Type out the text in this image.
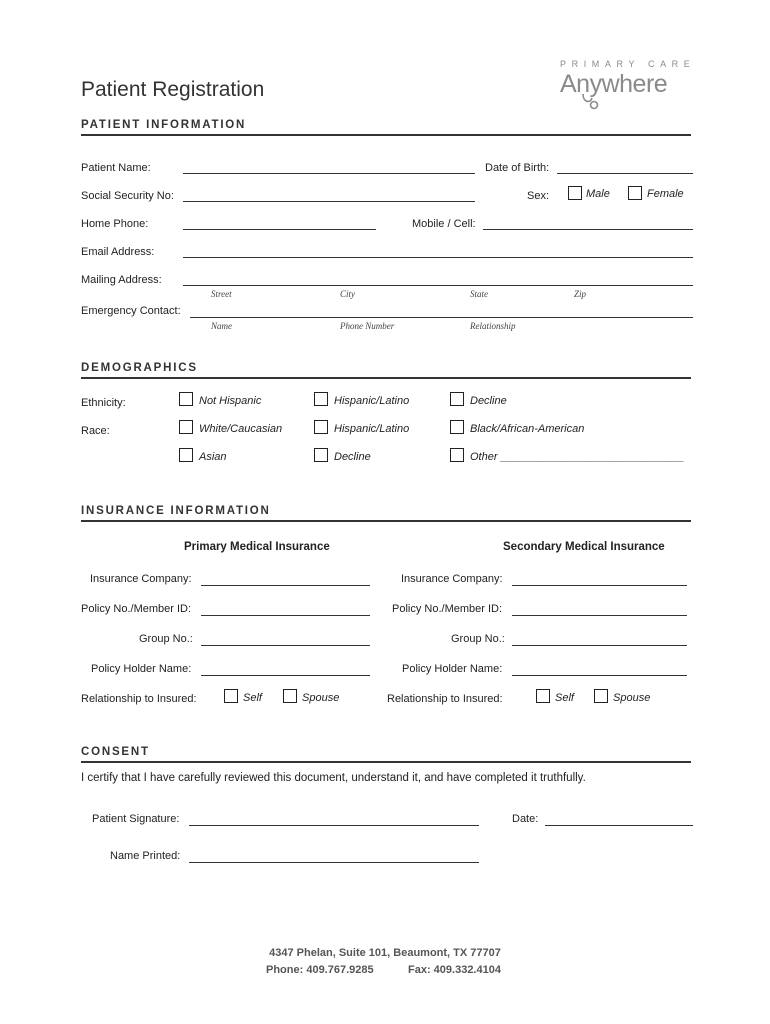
PRIMARY CARE
Anywhere
Patient Registration
PATIENT INFORMATION
Patient Name:	Date of Birth:
Social Security No:	Sex:	Male	Female
Home Phone:	Mobile / Cell:
Email Address:
Mailing Address:
Street	City	State	Zip
Emergency Contact:
Name	Phone Number	Relationship
DEMOGRAPHICS
Ethnicity:	Not Hispanic	Hispanic/Latino	Decline
Race:	White/Caucasian	Hispanic/Latino	Black/African-American
Asian	Decline	Other ______________________________
INSURANCE INFORMATION
Primary Medical Insurance	Secondary Medical Insurance
Insurance Company:
Policy No./Member ID:
Group No.:
Policy Holder Name:
Relationship to Insured:	Self	Spouse
Insurance Company:
Policy No./Member ID:
Group No.:
Policy Holder Name:
Relationship to Insured:	Self	Spouse
CONSENT
I certify that I have carefully reviewed this document, understand it, and have completed it truthfully.
Patient Signature:	Date:
Name Printed:
4347 Phelan, Suite 101, Beaumont, TX 77707
Phone: 409.767.9285	Fax: 409.332.4104
